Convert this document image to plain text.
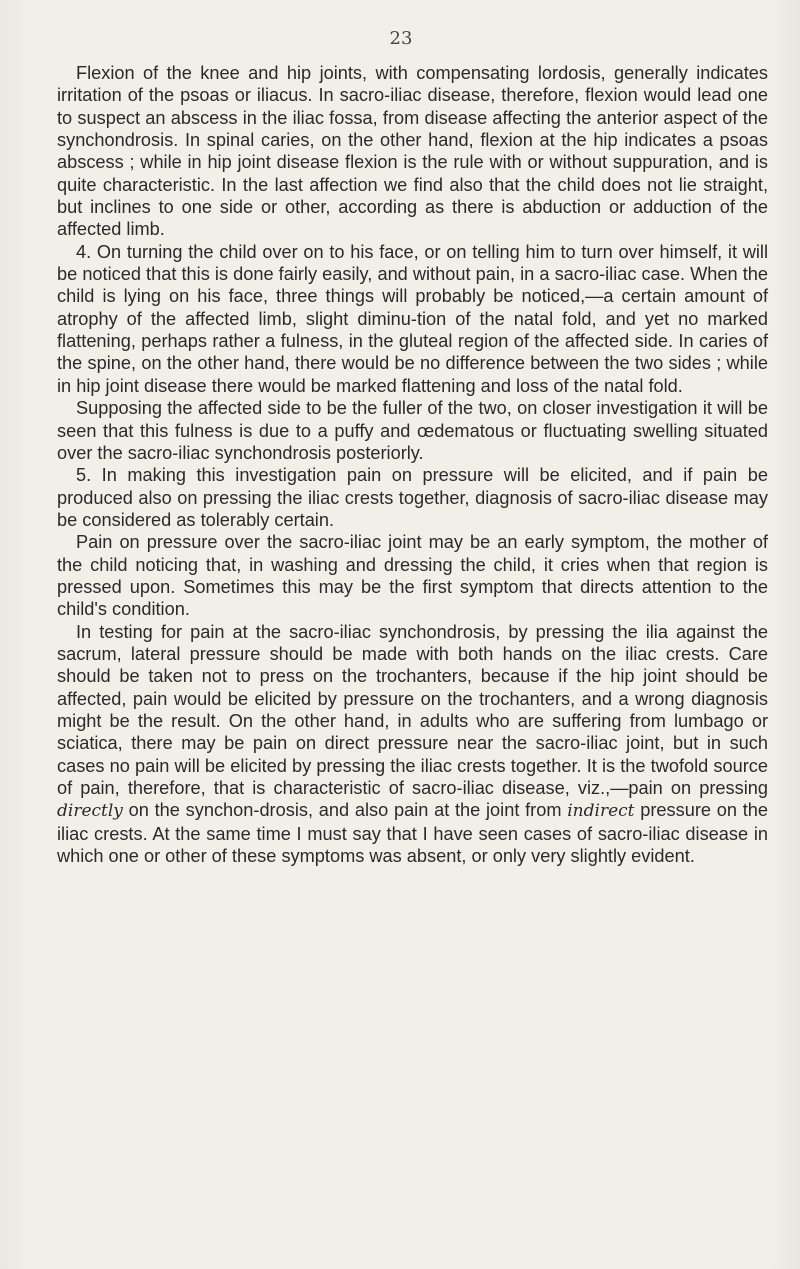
23

Flexion of the knee and hip joints, with compensating lordosis, generally indicates irritation of the psoas or iliacus. In sacro-iliac disease, therefore, flexion would lead one to suspect an abscess in the iliac fossa, from disease affecting the anterior aspect of the synchondrosis. In spinal caries, on the other hand, flexion at the hip indicates a psoas abscess ; while in hip joint disease flexion is the rule with or without suppuration, and is quite characteristic. In the last affection we find also that the child does not lie straight, but inclines to one side or other, according as there is abduction or adduction of the affected limb.

4. On turning the child over on to his face, or on telling him to turn over himself, it will be noticed that this is done fairly easily, and without pain, in a sacro-iliac case. When the child is lying on his face, three things will probably be noticed,—a certain amount of atrophy of the affected limb, slight diminu-tion of the natal fold, and yet no marked flattening, perhaps rather a fulness, in the gluteal region of the affected side. In caries of the spine, on the other hand, there would be no difference between the two sides ; while in hip joint disease there would be marked flattening and loss of the natal fold.

Supposing the affected side to be the fuller of the two, on closer investigation it will be seen that this fulness is due to a puffy and œdematous or fluctuating swelling situated over the sacro-iliac synchondrosis posteriorly.

5. In making this investigation pain on pressure will be elicited, and if pain be produced also on pressing the iliac crests together, diagnosis of sacro-iliac disease may be considered as tolerably certain.

Pain on pressure over the sacro-iliac joint may be an early symptom, the mother of the child noticing that, in washing and dressing the child, it cries when that region is pressed upon. Sometimes this may be the first symptom that directs attention to the child's condition.

In testing for pain at the sacro-iliac synchondrosis, by pressing the ilia against the sacrum, lateral pressure should be made with both hands on the iliac crests. Care should be taken not to press on the trochanters, because if the hip joint should be affected, pain would be elicited by pressure on the trochanters, and a wrong diagnosis might be the result. On the other hand, in adults who are suffering from lumbago or sciatica, there may be pain on direct pressure near the sacro-iliac joint, but in such cases no pain will be elicited by pressing the iliac crests together. It is the twofold source of pain, therefore, that is characteristic of sacro-iliac disease, viz.,—pain on pressing directly on the synchon-drosis, and also pain at the joint from indirect pressure on the iliac crests. At the same time I must say that I have seen cases of sacro-iliac disease in which one or other of these symptoms was absent, or only very slightly evident.
